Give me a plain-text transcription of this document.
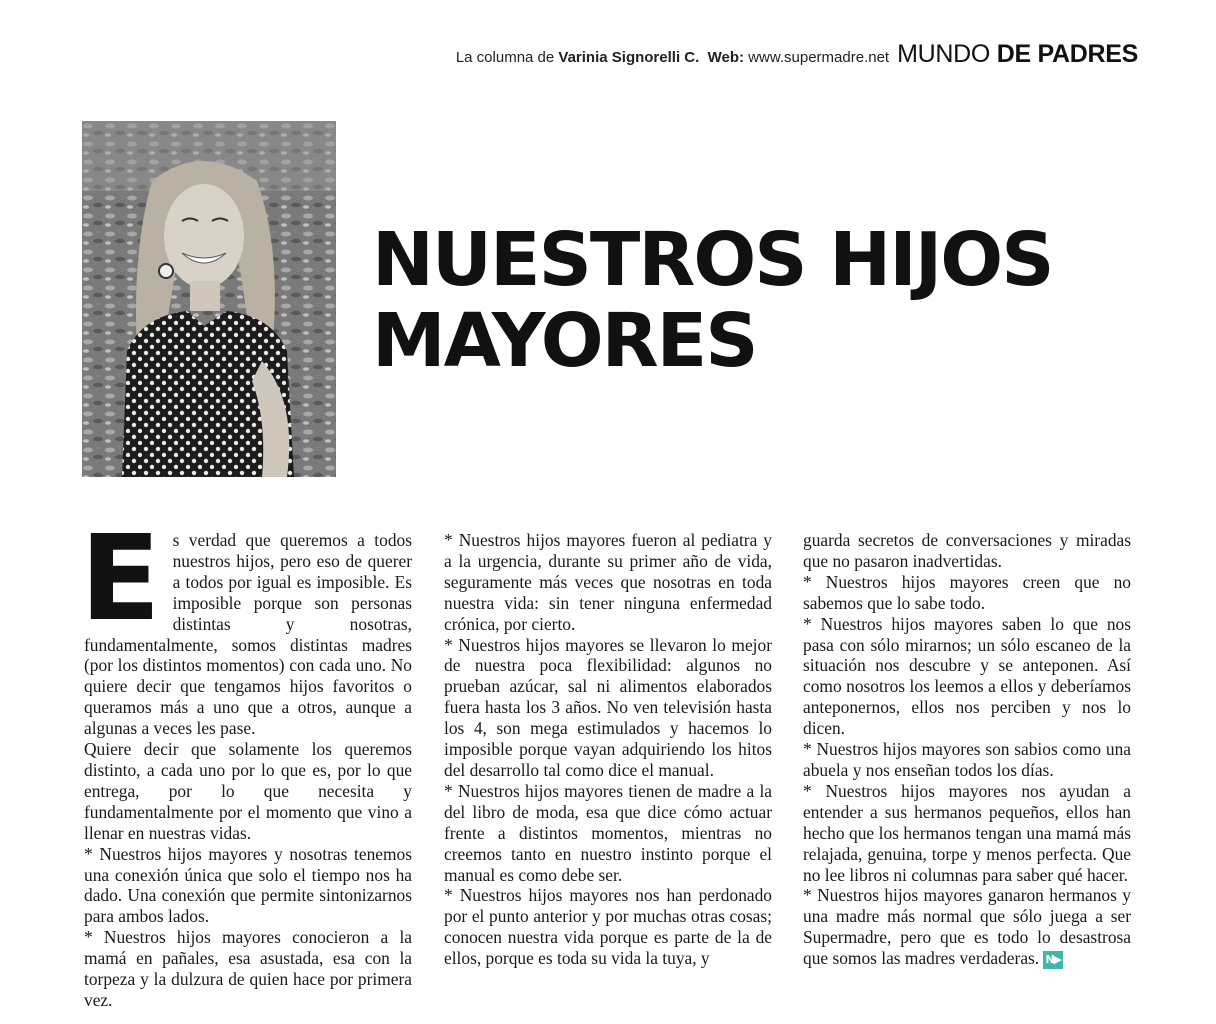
La columna de Varinia Signorelli C. Web: www.supermadre.net MUNDO DE PADRES
NUESTROS HIJOS
MAYORES
E s verdad que queremos a todos nuestros hijos, pero eso de querer a todos por igual es imposible. Es imposible porque son personas distintas y nosotras, fundamentalmente, somos distintas madres (por los distintos momentos) con cada uno. No quiere decir que tengamos hijos favoritos o queramos más a uno que a otros, aunque a algunas a veces les pase.

Quiere decir que solamente los queremos distinto, a cada uno por lo que es, por lo que entrega, por lo que necesita y fundamentalmente por el momento que vino a llenar en nuestras vidas.

* Nuestros hijos mayores y nosotras tenemos una conexión única que solo el tiempo nos ha dado. Una conexión que permite sintonizarnos para ambos lados.

* Nuestros hijos mayores conocieron a la mamá en pañales, esa asustada, esa con la torpeza y la dulzura de quien hace por primera vez.

* Nuestros hijos mayores fueron al pediatra y a la urgencia, durante su primer año de vida, seguramente más veces que nosotras en toda nuestra vida: sin tener ninguna enfermedad crónica, por cierto.

* Nuestros hijos mayores se llevaron lo mejor de nuestra poca flexibilidad: algunos no prueban azúcar, sal ni alimentos elaborados fuera hasta los 3 años. No ven televisión hasta los 4, son mega estimulados y hacemos lo imposible porque vayan adquiriendo los hitos del desarrollo tal como dice el manual.

* Nuestros hijos mayores tienen de madre a la del libro de moda, esa que dice cómo actuar frente a distintos momentos, mientras no creemos tanto en nuestro instinto porque el manual es como debe ser.

* Nuestros hijos mayores nos han perdonado por el punto anterior y por muchas otras cosas; conocen nuestra vida porque es parte de la de ellos, porque es toda su vida la tuya, y

guarda secretos de conversaciones y miradas que no pasaron inadvertidas.

* Nuestros hijos mayores creen que no sabemos que lo sabe todo.

* Nuestros hijos mayores saben lo que nos pasa con sólo mirarnos; un sólo escaneo de la situación nos descubre y se anteponen. Así como nosotros los leemos a ellos y deberíamos anteponernos, ellos nos perciben y nos lo dicen.

* Nuestros hijos mayores son sabios como una abuela y nos enseñan todos los días.

* Nuestros hijos mayores nos ayudan a entender a sus hermanos pequeños, ellos han hecho que los hermanos tengan una mamá más relajada, genuina, torpe y menos perfecta. Que no lee libros ni columnas para saber qué hacer.

* Nuestros hijos mayores ganaron hermanos y una madre más normal que sólo juega a ser Supermadre, pero que es todo lo desastrosa que somos las madres verdaderas. N▶
